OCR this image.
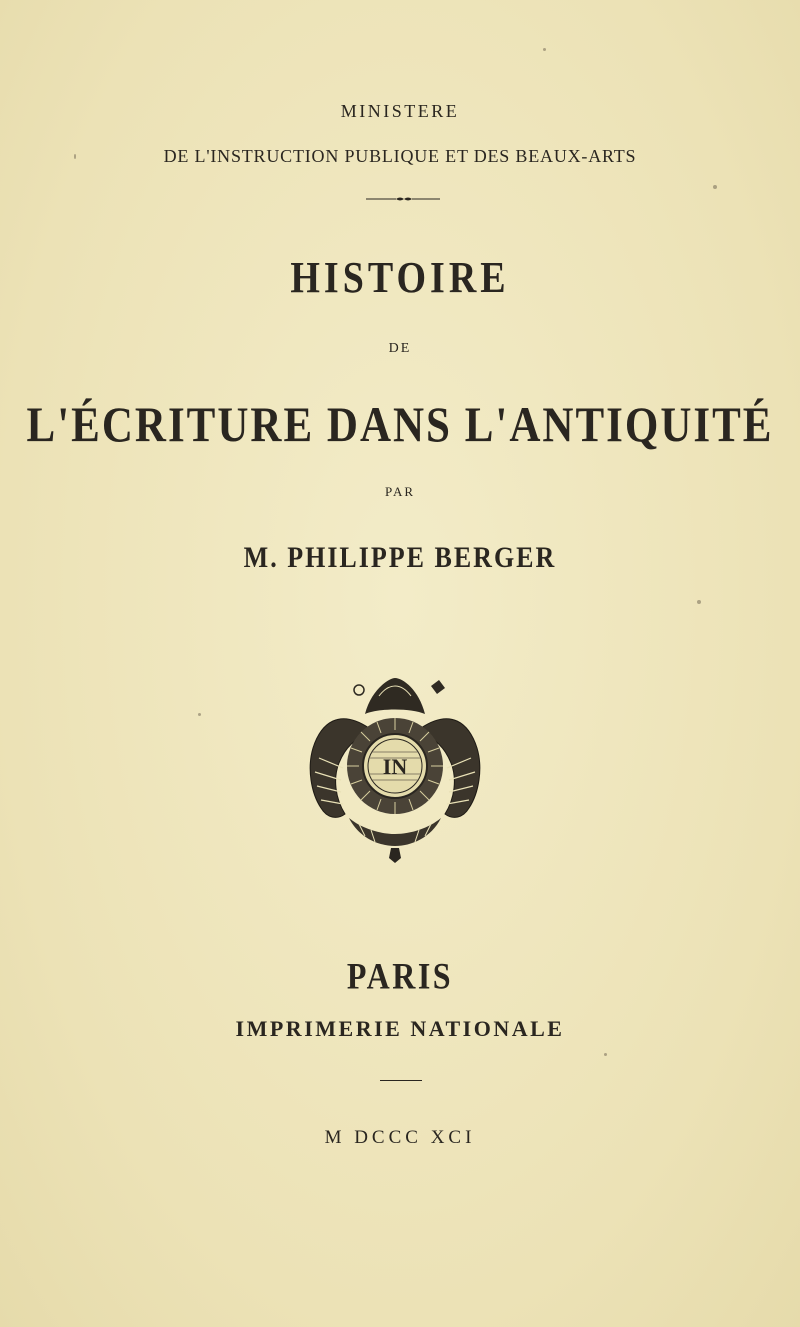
MINISTERE

DE L'INSTRUCTION PUBLIQUE ET DES BEAUX-ARTS

HISTOIRE

DE

L'ÉCRITURE DANS L'ANTIQUITÉ

PAR

M. PHILIPPE BERGER

IN

PARIS

IMPRIMERIE NATIONALE

M DCCC XCI
